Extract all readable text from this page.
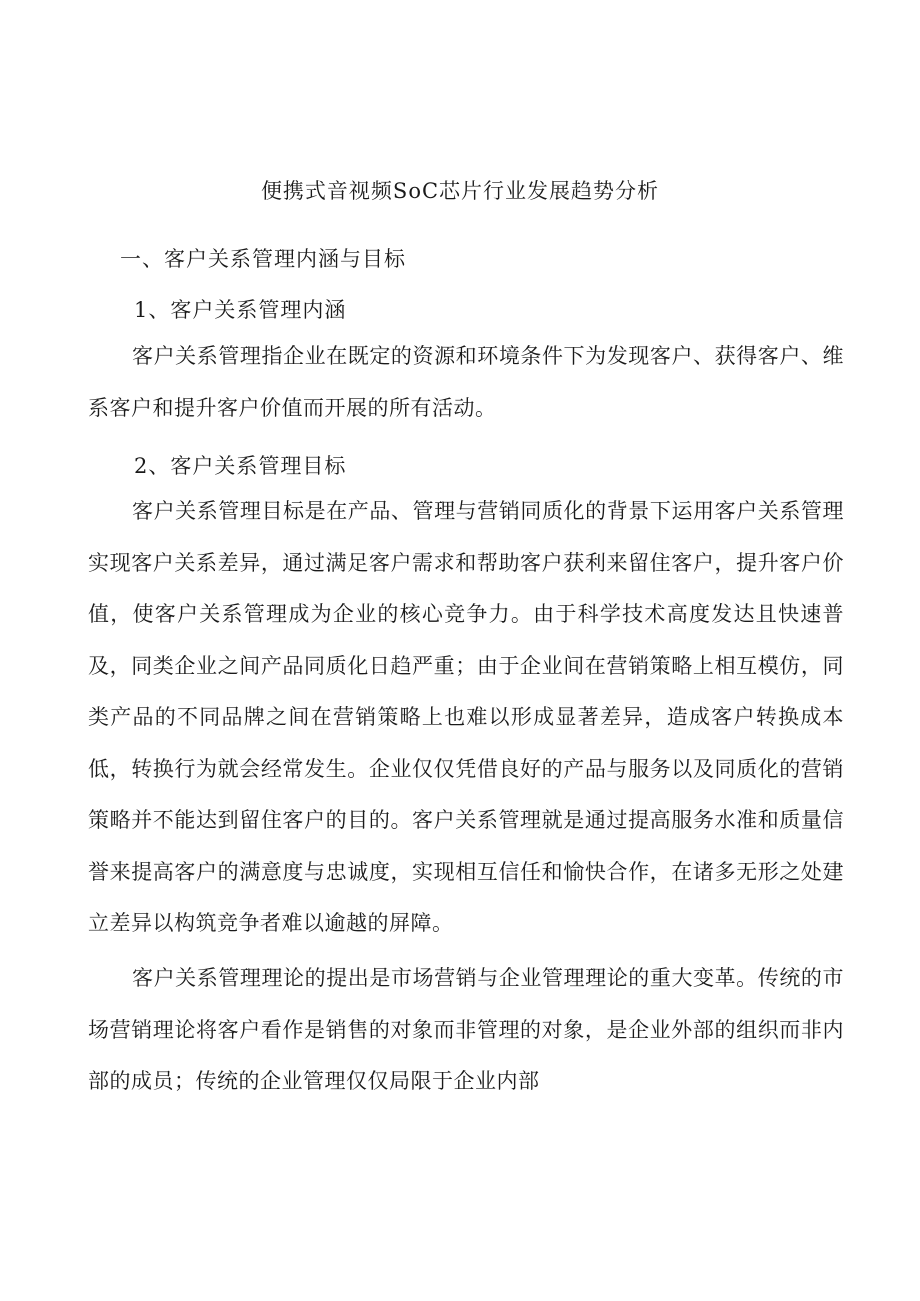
便携式音视频SoC芯片行业发展趋势分析
一、客户关系管理内涵与目标
1、客户关系管理内涵
客户关系管理指企业在既定的资源和环境条件下为发现客户、获得客户、维系客户和提升客户价值而开展的所有活动。
2、客户关系管理目标
客户关系管理目标是在产品、管理与营销同质化的背景下运用客户关系管理实现客户关系差异，通过满足客户需求和帮助客户获利来留住客户，提升客户价值，使客户关系管理成为企业的核心竞争力。由于科学技术高度发达且快速普及，同类企业之间产品同质化日趋严重；由于企业间在营销策略上相互模仿，同类产品的不同品牌之间在营销策略上也难以形成显著差异，造成客户转换成本低，转换行为就会经常发生。企业仅仅凭借良好的产品与服务以及同质化的营销策略并不能达到留住客户的目的。客户关系管理就是通过提高服务水准和质量信誉来提高客户的满意度与忠诚度，实现相互信任和愉快合作，在诸多无形之处建立差异以构筑竞争者难以逾越的屏障。
客户关系管理理论的提出是市场营销与企业管理理论的重大变革。传统的市场营销理论将客户看作是销售的对象而非管理的对象，是企业外部的组织而非内部的成员；传统的企业管理仅仅局限于企业内部
